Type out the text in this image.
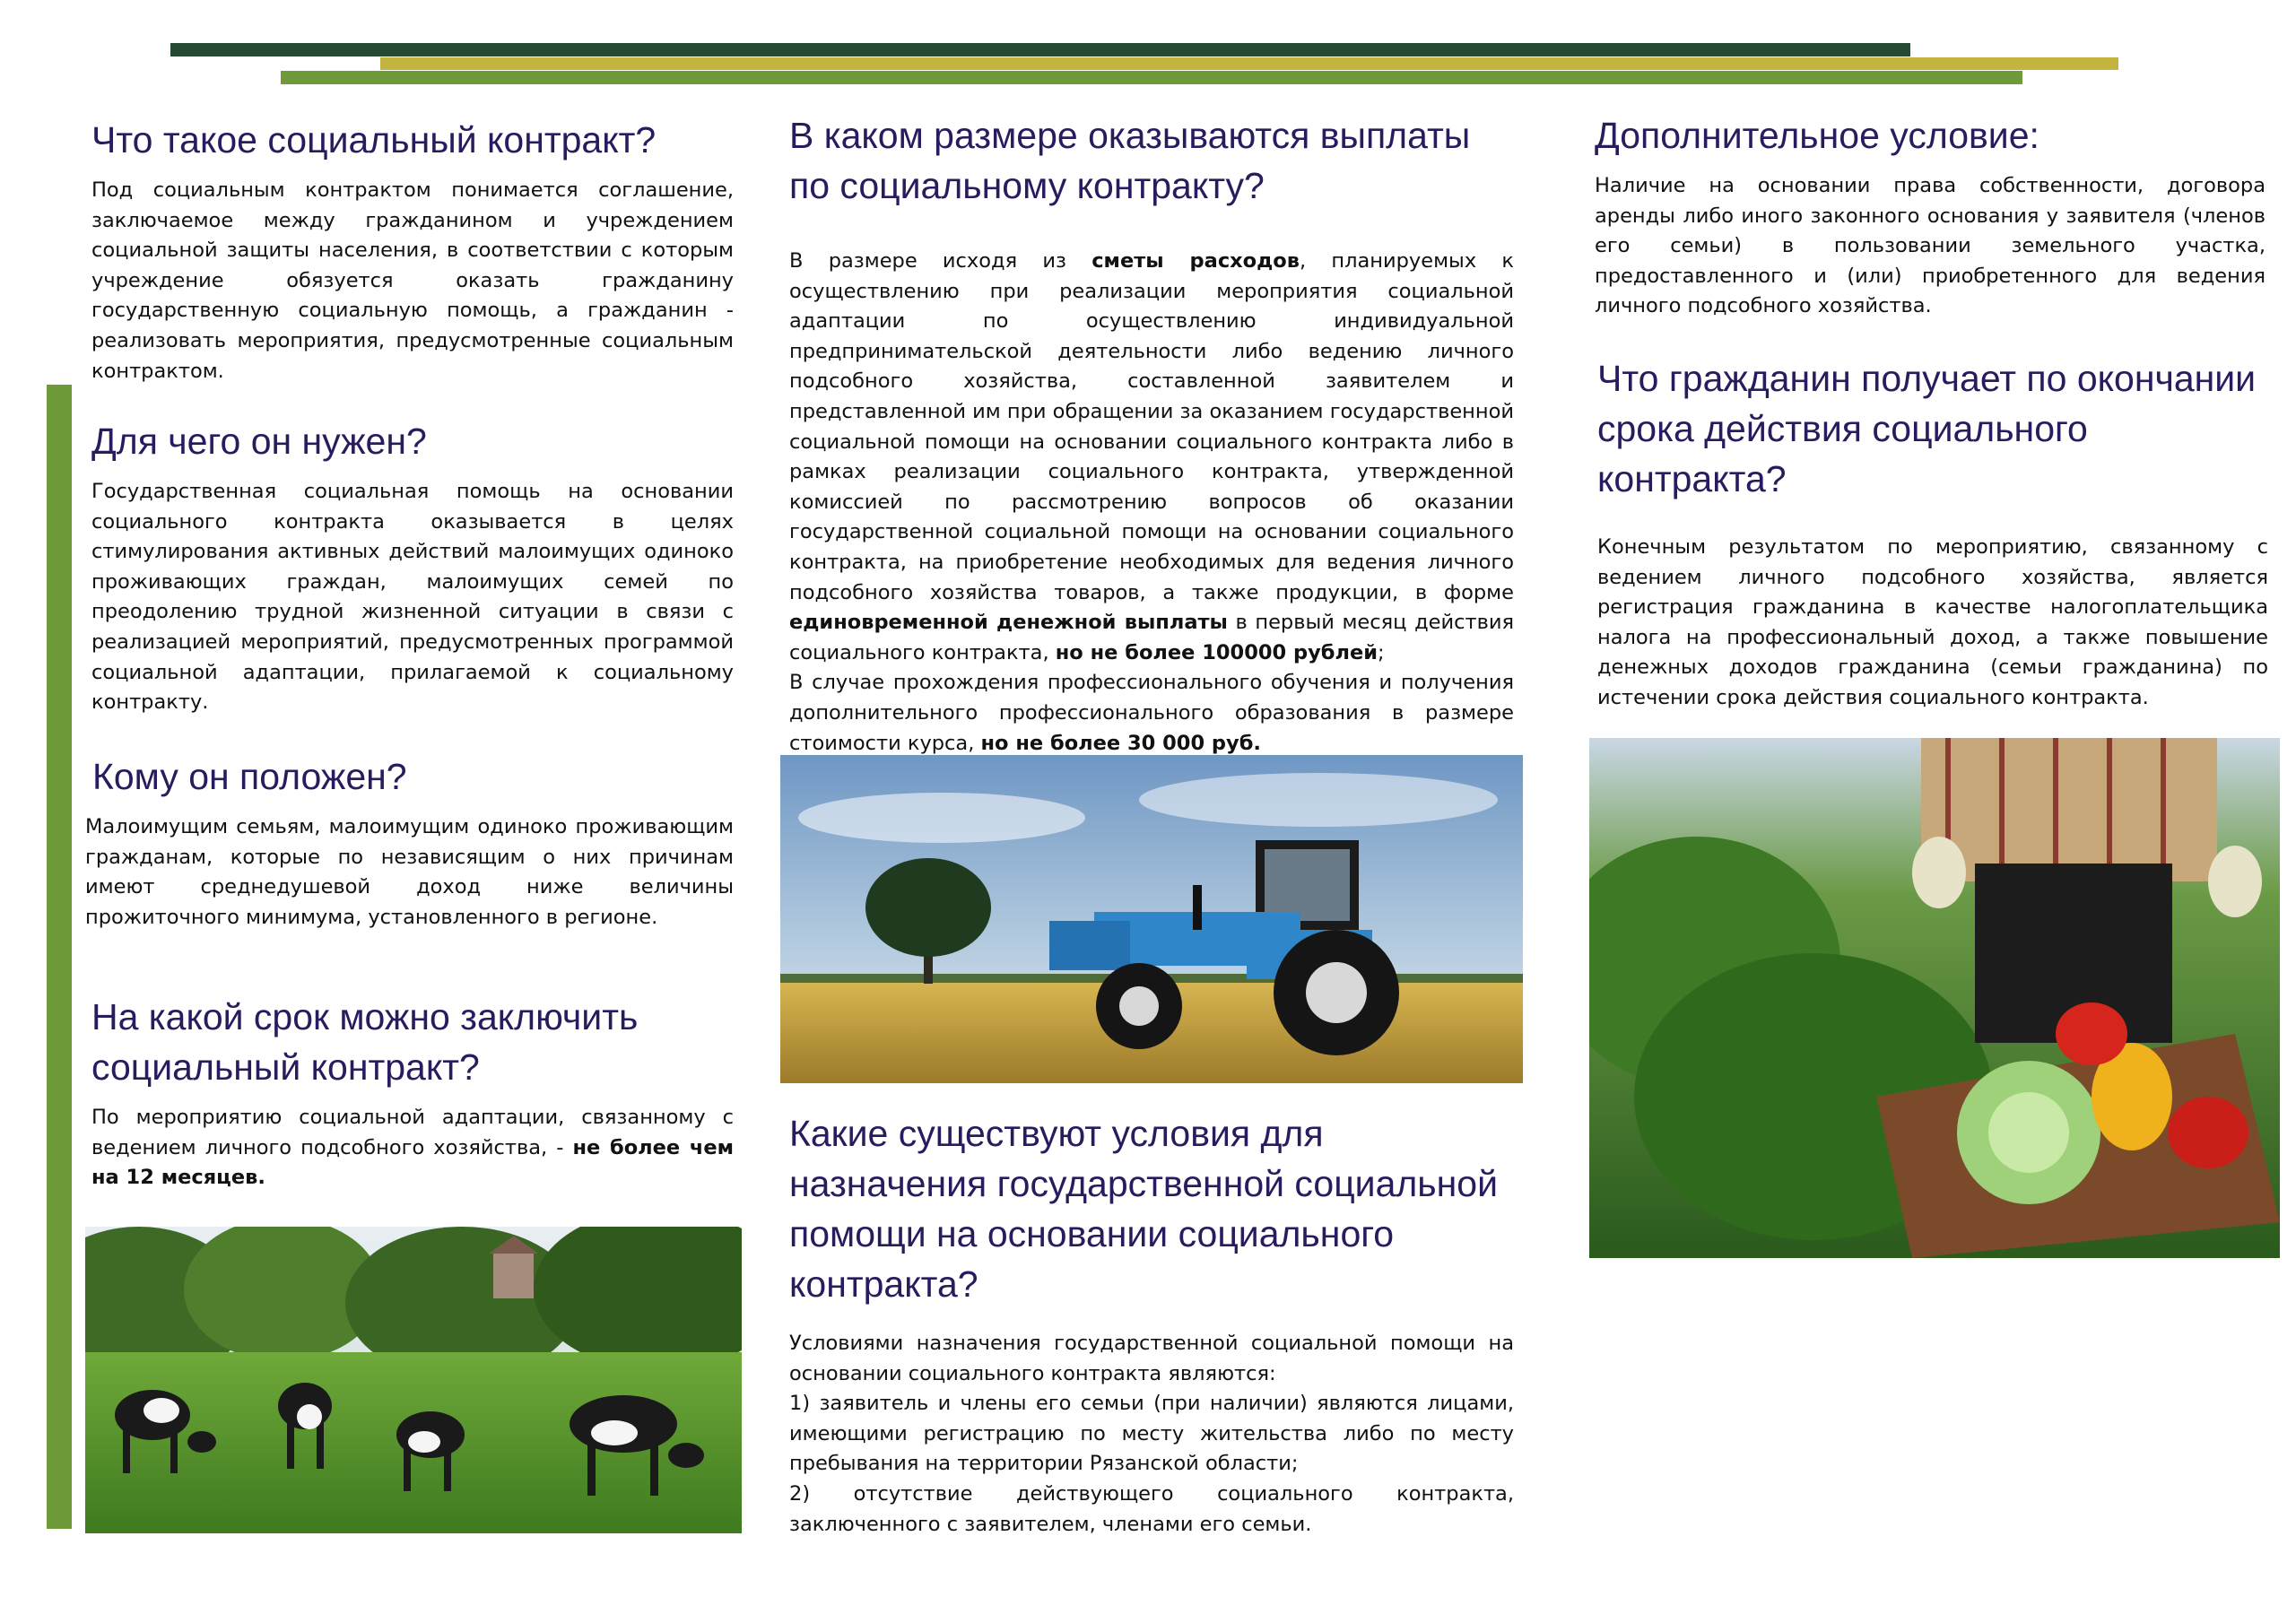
Что такое социальный контракт?

Под социальным контрактом понимается соглашение, заключаемое между гражданином и учреждением социальной защиты населения, в соответствии с которым учреждение обязуется оказать гражданину государственную социальную помощь, а гражданин - реализовать мероприятия, предусмотренные социальным контрактом.

Для чего он нужен?

Государственная социальная помощь на основании социального контракта оказывается в целях стимулирования активных действий малоимущих одиноко проживающих граждан, малоимущих семей по преодолению трудной жизненной ситуации в связи с реализацией мероприятий, предусмотренных программой социальной адаптации, прилагаемой к социальному контракту.

Кому он положен?

Малоимущим семьям, малоимущим одиноко проживающим гражданам, которые по независящим о них причинам имеют среднедушевой доход ниже величины прожиточного минимума, установленного в регионе.

На какой срок можно заключить социальный контракт?

По мероприятию социальной адаптации, связанному с ведением личного подсобного хозяйства, - не более чем на 12 месяцев.

В каком размере оказываются выплаты по социальному контракту?

В размере исходя из сметы расходов, планируемых к осуществлению при реализации мероприятия социальной адаптации по осуществлению индивидуальной предпринимательской деятельности либо ведению личного подсобного хозяйства, составленной заявителем и представленной им при обращении за оказанием государственной социальной помощи на основании социального контракта либо в рамках реализации социального контракта, утвержденной комиссией по рассмотрению вопросов об оказании государственной социальной помощи на основании социального контракта, на приобретение необходимых для ведения личного подсобного хозяйства товаров, а также продукции, в форме единовременной денежной выплаты в первый месяц действия социального контракта, но не более 100000 рублей;

В случае прохождения профессионального обучения и получения дополнительного профессионального образования в размере стоимости курса, но не более 30 000 руб.

Какие существуют условия для назначения государственной социальной помощи на основании социального контракта?

Условиями назначения государственной социальной помощи на основании социального контракта являются:

1) заявитель и члены его семьи (при наличии) являются лицами, имеющими регистрацию по месту жительства либо по месту пребывания на территории Рязанской области;

2) отсутствие действующего социального контракта, заключенного с заявителем, членами его семьи.

Дополнительное условие:

Наличие на основании права собственности, договора аренды либо иного законного основания у заявителя (членов его семьи) в пользовании земельного участка, предоставленного и (или) приобретенного для ведения личного подсобного хозяйства.

Что гражданин получает по окончании срока действия социального контракта?

Конечным результатом по мероприятию, связанному с ведением личного подсобного хозяйства, является регистрация гражданина в качестве налогоплательщика налога на профессиональный доход, а также повышение денежных доходов гражданина (семьи гражданина) по истечении срока действия социального контракта.
